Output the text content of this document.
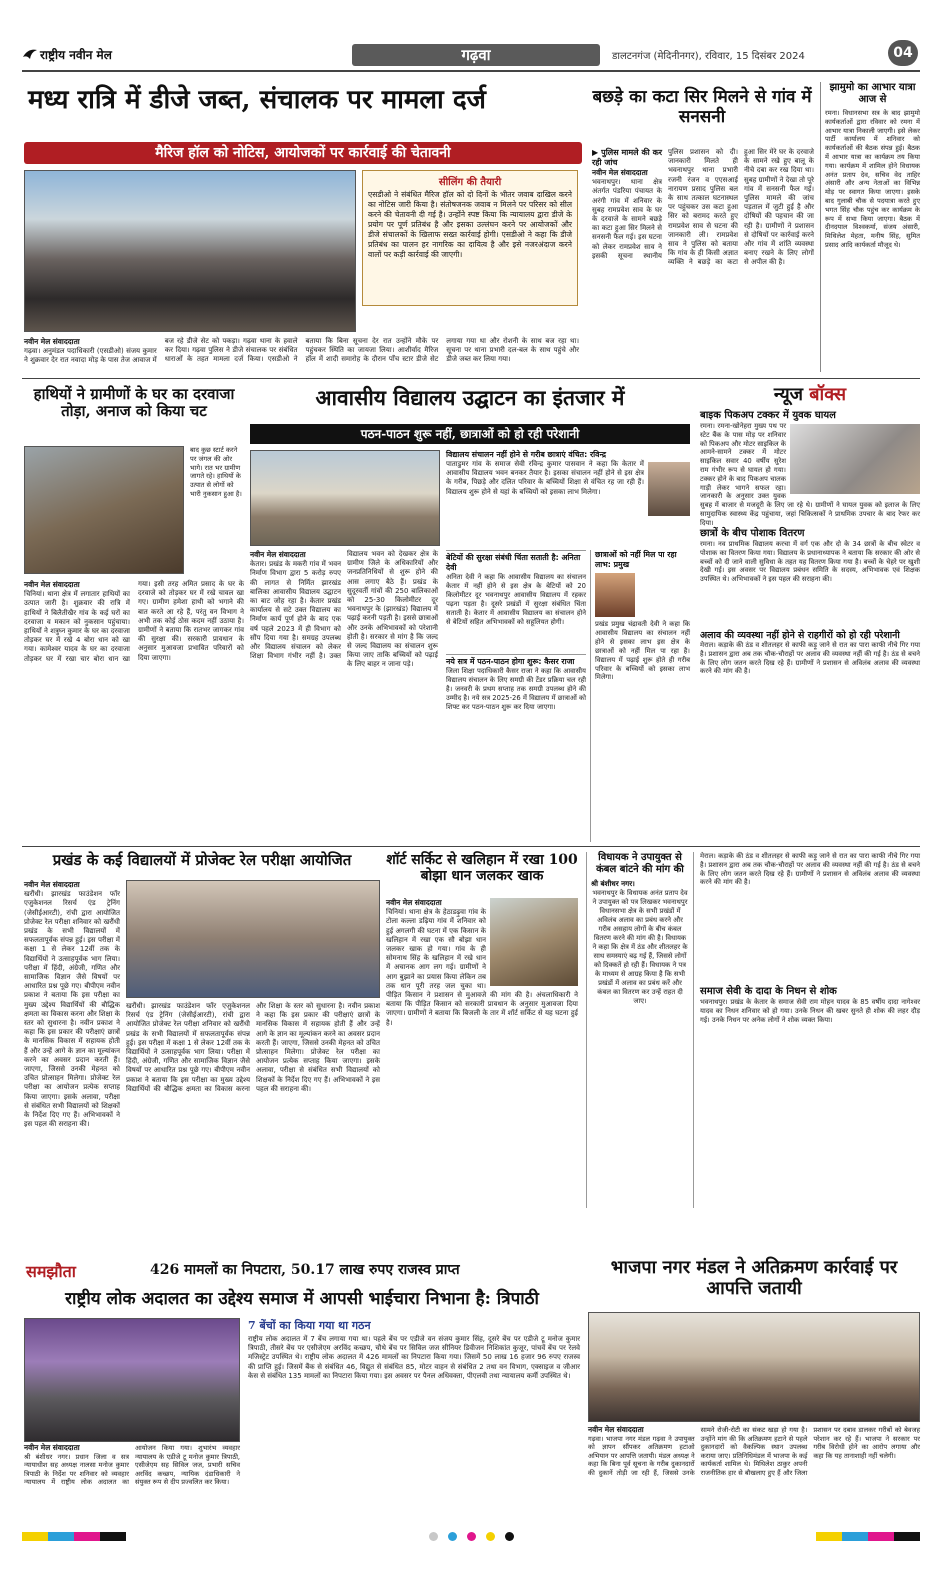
राष्ट्रीय नवीन मेल	गढ़वा	डालटनगंज (मेदिनीनगर), रविवार, 15 दिसंबर 2024	04
मध्य रात्रि में डीजे जब्त, संचालक पर मामला दर्ज
मैरिज हॉल को नोटिस, आयोजकों पर कार्रवाई की चेतावनी
सीलिंग की तैयारी
एसडीओ ने संबंधित मैरिज हॉल को दो दिनों के भीतर जवाब दाखिल करने का नोटिस जारी किया है। संतोषजनक जवाब न मिलने पर परिसर को सील करने की चेतावनी दी गई है। उन्होंने स्पष्ट किया कि न्यायालय द्वारा डीजे के प्रयोग पर पूर्ण प्रतिबंध है और इसका उल्लंघन करने पर आयोजकों और डीजे संचालकों के खिलाफ सख्त कार्रवाई होगी। एसडीओ ने कहा कि डीजे प्रतिबंध का पालन हर नागरिक का दायित्व है और इसे नजरअंदाज करने वालों पर कड़ी कार्रवाई की जाएगी।
नवीन मेल संवाददाता
गढ़वा। अनुमंडल पदाधिकारी (एसडीओ) संजय कुमार ने शुक्रवार देर रात नवादा मोड़ के पास तेज आवाज में बज रहे डीजे सेट को पकड़ा। गढ़वा थाना के हवाले कर दिया। गढ़वा पुलिस ने डीजे संचालक पर संबंधित धाराओं के तहत मामला दर्ज किया। एसडीओ ने बताया कि बिना सूचना देर रात उन्होंने मौके पर पहुंचकर स्थिति का जायजा लिया। आशीर्वाद मैरिज हॉल में शादी समारोह के दौरान पाँच स्टार डीजे सेट लगाया गया था और रोशनी के साथ बज रहा था। सूचना पर थाना प्रभारी दल-बल के साथ पहुंचे और डीजे जब्त कर लिया गया।
बछड़े का कटा सिर मिलने से गांव में सनसनी
▶ पुलिस मामले की कर रही जांच
नवीन मेल संवाददाता
भवनाथपुर। थाना क्षेत्र अंतर्गत पंडरिया पंचायत के अरंगी गांव में शनिवार के सुबह रामप्रवेश साव के घर के दरवाजे के सामने बछड़े का कटा हुआ सिर मिलने से सनसनी फैल गई। इस घटना को लेकर रामप्रवेश साव ने इसकी सूचना स्थानीय पुलिस प्रशासन को दी। जानकारी मिलते ही भवनाथपुर थाना प्रभारी रजनी रंजन व एएसआई नारायण प्रसाद पुलिस बल के साथ तत्काल घटनास्थल पर पहुंचकर उस कटा हुआ सिर को बरामद करते हुए रामप्रवेश साव से घटना की जानकारी ली। रामप्रवेश साव ने पुलिस को बताया कि गांव के ही किसी अज्ञात व्यक्ति ने बछड़े का कटा हुआ सिर मेरे घर के दरवाजे के सामने रखे हुए बालू के नीचे दबा कर रख दिया था। सुबह ग्रामीणों ने देखा तो पूरे गांव में सनसनी फैल गई। पुलिस मामले की जांच पड़ताल में जुटी हुई है और दोषियों की पहचान की जा रही है। ग्रामीणों ने प्रशासन से दोषियों पर कार्रवाई करने और गांव में शांति व्यवस्था बनाए रखने के लिए लोगों से अपील की है।
झामुमो का आभार यात्रा आज से
रमना। विधानसभा सत्र के बाद झामुमो कार्यकर्ताओं द्वारा रविवार को रमना में आभार यात्रा निकाली जाएगी। इसे लेकर पार्टी कार्यालय में शनिवार को कार्यकर्ताओं की बैठक संपन्न हुई। बैठक में आभार यात्रा का कार्यक्रम तय किया गया। कार्यक्रम में शामिल होने विधायक अनंत प्रताप देव, सचिव वेद ताहिर अंसारी और अन्य नेताओं का विभिन्न मोड़ पर स्वागत किया जाएगा। इसके बाद गुलाबी चौक से पदयात्रा करते हुए भगत सिंह चौक पहुंच कर कार्यक्रम के रूप में सभा किया जाएगा। बैठक में दीनदयाल विश्वकर्मा, संजय अंसारी, मिथिलेश मेहता, मनीष सिंह, सुमित प्रसाद आदि कार्यकर्ता मौजूद थे।
हाथियों ने ग्रामीणों के घर का दरवाजा तोड़ा, अनाज को किया चट
बाद कुछ स्टार्ट करने पर जंगल की ओर भागे। रात भर ग्रामीण जागते रहे। हाथियों के उत्पात से लोगों को भारी नुकसान हुआ है।
नवीन मेल संवाददाता
चिनियां। थाना क्षेत्र में लगातार हाथियों का उत्पात जारी है। शुक्रवार की रात्रि में हाथियों ने बिलैतीखैर गांव के कई घरों का दरवाजा व मकान को नुकसान पहुंचाया। हाथियों ने शत्रुघ्न कुमार के घर का दरवाजा तोड़कर घर में रखे 4 बोरा धान को खा गया। कामेश्वर यादव के घर का दरवाजा तोड़कर घर में रखा चार बोरा धान खा गया। इसी तरह अमित प्रसाद के घर के दरवाजे को तोड़कर घर में रखे चावल खा गए। ग्रामीण हमेशा हाथी को भगाने की बात करते आ रहे हैं, परंतु वन विभाग ने अभी तक कोई ठोस कदम नहीं उठाया है। ग्रामीणों ने बताया कि रातभर जागकर गांव की सुरक्षा की। सरकारी प्रावधान के अनुसार मुआवजा प्रभावित परिवारों को दिया जाएगा।
आवासीय विद्यालय उद्घाटन का इंतजार में
पठन-पाठन शुरू नहीं, छात्राओं को हो रही परेशानी
विद्यालय संचालन नहीं होने से गरीब छात्राएं वंचित: रविन्द्र
पाताडुमर गांव के समाज सेवी रविन्द्र कुमार पासवान ने कहा कि केतार में आवासीय विद्यालय भवन बनकर तैयार है। इसका संचालन नहीं होने से इस क्षेत्र के गरीब, पिछड़े और दलित परिवार के बच्चियों शिक्षा से वंचित रह जा रही हैं। विद्यालय शुरू होने से यहां के बच्चियों को इसका लाभ मिलेगा।
नवीन मेल संवाददाता
केतार। प्रखंड के मकरी गांव में भवन निर्माण विभाग द्वारा 5 करोड़ रुपए की लागत से निर्मित झारखंड बालिका आवासीय विद्यालय उद्घाटन का बाट जोह रहा है। केतार प्रखंड कार्यालय से सटे उक्त विद्यालय का निर्माण कार्य पूर्ण होने के बाद एक वर्ष पहले 2023 में ही विभाग को सौंप दिया गया है। समग्रह उपलब्ध और विद्यालय संचालन को लेकर शिक्षा विभाग गंभीर नहीं है। उक्त विद्यालय भवन को देखकर क्षेत्र के ग्रामीण जिले के अधिकारियों और जनप्रतिनिधियों से शुरू होने की आस लगाए बैठे हैं। प्रखंड के सुदूरवर्ती गांवों की 250 बालिकाओं को 25-30 किलोमीटर दूर भवनाथपुर के (झारखंड) विद्यालय में पढ़ाई करनी पड़ती है। इससे छात्राओं और उनके अभिभावकों को परेशानी होती है। सरकार से मांग है कि जल्द से जल्द विद्यालय का संचालन शुरू किया जाए ताकि बच्चियों को पढ़ाई के लिए बाहर न जाना पड़े।
बेटियों की सुरक्षा संबंधी चिंता सताती है: अनिता देवी
अनिता देवी ने कहा कि आवासीय विद्यालय का संचालन केतार में नहीं होने से इस क्षेत्र के बेटियों को 20 किलोमीटर दूर भवनाथपुर आवासीय विद्यालय में रहकर पढ़ना पड़ता है। दूसरे प्रखंडों में सुरक्षा संबंधित चिंता सताती है। केतार में आवासीय विद्यालय का संचालन होने से बेटियों सहित अभिभावकों को सहूलियत होगी।
नये सत्र में पठन-पाठन होगा शुरू: कैसर राजा
जिला शिक्षा पदाधिकारी कैसर राजा ने कहा कि आवासीय विद्यालय संचालन के लिए समग्री की टेंडर प्रक्रिया चल रही है। जनवरी के प्रथम सप्ताह तक समग्री उपलब्ध होने की उम्मीद है। नये सत्र 2025-26 में विद्यालय में छात्राओं को शिफ्ट कर पठन-पाठन शुरू कर दिया जाएगा।
छात्राओं को नहीं मिल पा रहा लाभ: प्रमुख
प्रखंड प्रमुख चंद्रावती देवी ने कहा कि आवासीय विद्यालय का संचालन नहीं होने से इसका लाभ इस क्षेत्र के छात्राओं को नहीं मिल पा रहा है। विद्यालय में पढ़ाई शुरू होते ही गरीब परिवार के बच्चियों को इसका लाभ मिलेगा।
न्यूज बॉक्स
बाइक पिकअप टक्कर में युवक घायल
रमना। रमना-खोनेहरा मुख्य पथ पर स्टेट बैंक के पास मोड़ पर शनिवार को पिकअप और मोटर साइकिल के आमने-सामने टक्कर में मोटर साइकिल सवार 40 वर्षीय सुरेश राम गंभीर रूप से घायल हो गया। टक्कर होने के बाद पिकअप चालक गाड़ी लेकर भागने सफल रहा। जानकारी के अनुसार उक्त युवक सुबह में बाजार से मजदूरी के लिए जा रहे थे। ग्रामीणों ने घायल युवक को इलाज के लिए सामुदायिक स्वास्थ्य केंद्र पहुंचाया, जहां चिकित्सकों ने प्राथमिक उपचार के बाद रेफर कर दिया।
छात्रों के बीच पोशाक वितरण
रमना। नव प्राथमिक विद्यालय करचा में वर्ग एक और दो के 34 छात्रों के बीच स्वेटर व पोशाक का वितरण किया गया। विद्यालय के प्रधानाध्यापक ने बताया कि सरकार की ओर से बच्चों को दी जाने वाली सुविधा के तहत यह वितरण किया गया है। बच्चों के चेहरे पर खुशी देखी गई। इस अवसर पर विद्यालय प्रबंधन समिति के सदस्य, अभिभावक एवं शिक्षक उपस्थित थे। अभिभावकों ने इस पहल की सराहना की।
अलाव की व्यवस्था नहीं होने से राहगीरों को हो रही परेशानी
मेराल। कड़ाके की ठंड व शीतलहर से काफी कड़ू जाने से रात का पारा काफी नीचे गिर गया है। प्रशासन द्वारा अब तक चौक-चौराहों पर अलाव की व्यवस्था नहीं की गई है। ठंड से बचने के लिए लोग जतन करते दिख रहे हैं। ग्रामीणों ने प्रशासन से अविलंब अलाव की व्यवस्था करने की मांग की है।
प्रखंड के कई विद्यालयों में प्रोजेक्ट रेल परीक्षा आयोजित
नवीन मेल संवाददाता
खरौंधी। झारखंड फाउंडेशन फॉर एजुकेशनल रिसर्च एंड ट्रेनिंग (जेसीईआरटी), रांची द्वारा आयोजित प्रोजेक्ट रेल परीक्षा शनिवार को खरौंधी प्रखंड के सभी विद्यालयों में सफलतापूर्वक संपन्न हुई। इस परीक्षा में कक्षा 1 से लेकर 12वीं तक के विद्यार्थियों ने उत्साहपूर्वक भाग लिया। परीक्षा में हिंदी, अंग्रेजी, गणित और सामाजिक विज्ञान जैसे विषयों पर आधारित प्रश्न पूछे गए। बीपीएम नवीन प्रकाश ने बताया कि इस परीक्षा का मुख्य उद्देश्य विद्यार्थियों की बौद्धिक क्षमता का विकास करना और शिक्षा के स्तर को सुधारना है। नवीन प्रकाश ने कहा कि इस प्रकार की परीक्षाएं छात्रों के मानसिक विकास में सहायक होती हैं और उन्हें आगे के ज्ञान का मूल्यांकन करने का अवसर प्रदान करती हैं। जाएगा, जिससे उनकी मेहनत को उचित प्रोत्साहन मिलेगा। प्रोजेक्ट रेल परीक्षा का आयोजन प्रत्येक सप्ताह किया जाएगा। इसके अलावा, परीक्षा से संबंधित सभी विद्यालयों को शिक्षकों के निर्देश दिए गए हैं। अभिभावकों ने इस पहल की सराहना की।
खरौंधी। झारखंड फाउंडेशन फॉर एजुकेशनल रिसर्च एंड ट्रेनिंग (जेसीईआरटी), रांची द्वारा आयोजित प्रोजेक्ट रेल परीक्षा शनिवार को खरौंधी प्रखंड के सभी विद्यालयों में सफलतापूर्वक संपन्न हुई। इस परीक्षा में कक्षा 1 से लेकर 12वीं तक के विद्यार्थियों ने उत्साहपूर्वक भाग लिया। परीक्षा में हिंदी, अंग्रेजी, गणित और सामाजिक विज्ञान जैसे विषयों पर आधारित प्रश्न पूछे गए। बीपीएम नवीन प्रकाश ने बताया कि इस परीक्षा का मुख्य उद्देश्य विद्यार्थियों की बौद्धिक क्षमता का विकास करना और शिक्षा के स्तर को सुधारना है। नवीन प्रकाश ने कहा कि इस प्रकार की परीक्षाएं छात्रों के मानसिक विकास में सहायक होती हैं और उन्हें आगे के ज्ञान का मूल्यांकन करने का अवसर प्रदान करती हैं। जाएगा, जिससे उनकी मेहनत को उचित प्रोत्साहन मिलेगा। प्रोजेक्ट रेल परीक्षा का आयोजन प्रत्येक सप्ताह किया जाएगा। इसके अलावा, परीक्षा से संबंधित सभी विद्यालयों को शिक्षकों के निर्देश दिए गए हैं। अभिभावकों ने इस पहल की सराहना की।
शॉर्ट सर्किट से खलिहान में रखा 100 बोझा धान जलकर खाक
नवीन मेल संवाददाता
चिनियां। थाना क्षेत्र के हेठाडढ़ुवा गांव के टोला कल्ला डढ़िया गांव में शनिवार को हुई अगलगी की घटना में एक किसान के खलिहान में रखा एक सौ बोझा धान जलकर खाक हो गया। गांव के ही सोमनाथ सिंह के खलिहान में रखे धान में अचानक आग लग गई। ग्रामीणों ने आग बुझाने का प्रयास किया लेकिन तब तक धान पूरी तरह जल चुका था। पीड़ित किसान ने प्रशासन से मुआवजे की मांग की है। अंचलाधिकारी ने बताया कि पीड़ित किसान को सरकारी प्रावधान के अनुसार मुआवजा दिया जाएगा। ग्रामीणों ने बताया कि बिजली के तार में शॉर्ट सर्किट से यह घटना हुई है।
विधायक ने उपायुक्त से कंबल बांटने की मांग की
श्री बंशीधर नगर।
भवनाथपुर के विधायक अनंत प्रताप देव ने उपायुक्त को पत्र लिखकर भवनाथपुर विधानसभा क्षेत्र के सभी प्रखंडों में अविलंब अलाव का प्रबंध करने और गरीब असहाय लोगों के बीच कंबल वितरण करने की मांग की है। विधायक ने कहा कि क्षेत्र में ठंड और शीतलहर के साथ समस्याएं बढ़ गई हैं, जिससे लोगों को दिक्कतें हो रही हैं। विधायक ने पत्र के माध्यम से आग्रह किया है कि सभी प्रखंडों में अलाव का प्रबंध करें और कंबल का वितरण कर उन्हें राहत दी जाए।
मेराल। कड़ाके की ठंड व शीतलहर से काफी कड़ू जाने से रात का पारा काफी नीचे गिर गया है। प्रशासन द्वारा अब तक चौक-चौराहों पर अलाव की व्यवस्था नहीं की गई है। ठंड से बचने के लिए लोग जतन करते दिख रहे हैं। ग्रामीणों ने प्रशासन से अविलंब अलाव की व्यवस्था करने की मांग की है।
समाज सेवी के दादा के निधन से शोक
भवनाथपुर। प्रखंड के केतार के समाज सेवी राम मोहन यादव के 85 वर्षीय दादा नागेश्वर यादव का निधन शनिवार को हो गया। उनके निधन की खबर सुनते ही शोक की लहर दौड़ गई। उनके निधन पर अनेक लोगों ने शोक व्यक्त किया।
समझौता	426 मामलों का निपटारा, 50.17 लाख रुपए राजस्व प्राप्त
राष्ट्रीय लोक अदालत का उद्देश्य समाज में आपसी भाईचारा निभाना है: त्रिपाठी
नवीन मेल संवाददाता
श्री बंशीधर नगर। प्रधान जिला व सत्र न्यायाधीश सह अध्यक्ष नालसा मनोज कुमार त्रिपाठी के निर्देश पर शनिवार को व्यवहार न्यायालय में राष्ट्रीय लोक अदालत का आयोजन किया गया। शुभारंभ व्यवहार न्यायालय के एडीजे टू मनोज कुमार त्रिपाठी, एसीजेएम सह सिविल जज, प्रभारी सचिव अरविंद कच्छप, न्यायिक दंडाधिकारी ने संयुक्त रूप से दीप प्रज्वलित कर किया।
7 बेंचों का किया गया था गठन
राष्ट्रीय लोक अदालत में 7 बेंच लगाया गया था। पहले बेंच पर एडीजे वन संजय कुमार सिंह, दूसरे बेंच पर एडीजे टू मनोज कुमार त्रिपाठी, तीसरे बेंच पर एसीजेएम अरविंद कच्छप, चौथे बेंच पर सिविल जज सीनियर डिवीजन निशिकांत कुजूर, पांचवें बेंच पर रेलवे मजिस्ट्रेट उपस्थित थे। राष्ट्रीय लोक अदालत में 426 मामलों का निपटारा किया गया। जिसमें 50 लाख 16 हजार 96 रुपए राजस्व की प्राप्ति हुई। जिसमें बैंक से संबंधित 46, विद्युत से संबंधित 85, मोटर वाहन से संबंधित 2 तथा वन विभाग, एक्साइज व जीआर केस से संबंधित 135 मामलों का निपटारा किया गया। इस अवसर पर पैनल अधिवक्ता, पीएलवी तथा न्यायालय कर्मी उपस्थित थे।
भाजपा नगर मंडल ने अतिक्रमण कार्रवाई पर आपत्ति जतायी
नवीन मेल संवाददाता
गढ़वा। भाजपा नगर मंडल गढ़वा ने उपायुक्त को ज्ञापन सौंपकर अतिक्रमण हटाओ अभियान पर आपत्ति जतायी। मंडल अध्यक्ष ने कहा कि बिना पूर्व सूचना के गरीब दुकानदारों की दुकानें तोड़ी जा रही हैं, जिससे उनके सामने रोजी-रोटी का संकट खड़ा हो गया है। उन्होंने मांग की कि अतिक्रमण हटाने से पहले दुकानदारों को वैकल्पिक स्थान उपलब्ध कराया जाए। प्रतिनिधिमंडल में भाजपा के कई कार्यकर्ता शामिल थे। मिथिलेश ठाकुर अपनी राजनीतिक हार से बौखलाए हुए हैं और जिला प्रशासन पर दबाव डालकर गरीबों को बेवजह परेशान कर रहे हैं। भाजपा ने सरकार पर गरीब विरोधी होने का आरोप लगाया और कहा कि यह तानाशाही नहीं चलेगी।
